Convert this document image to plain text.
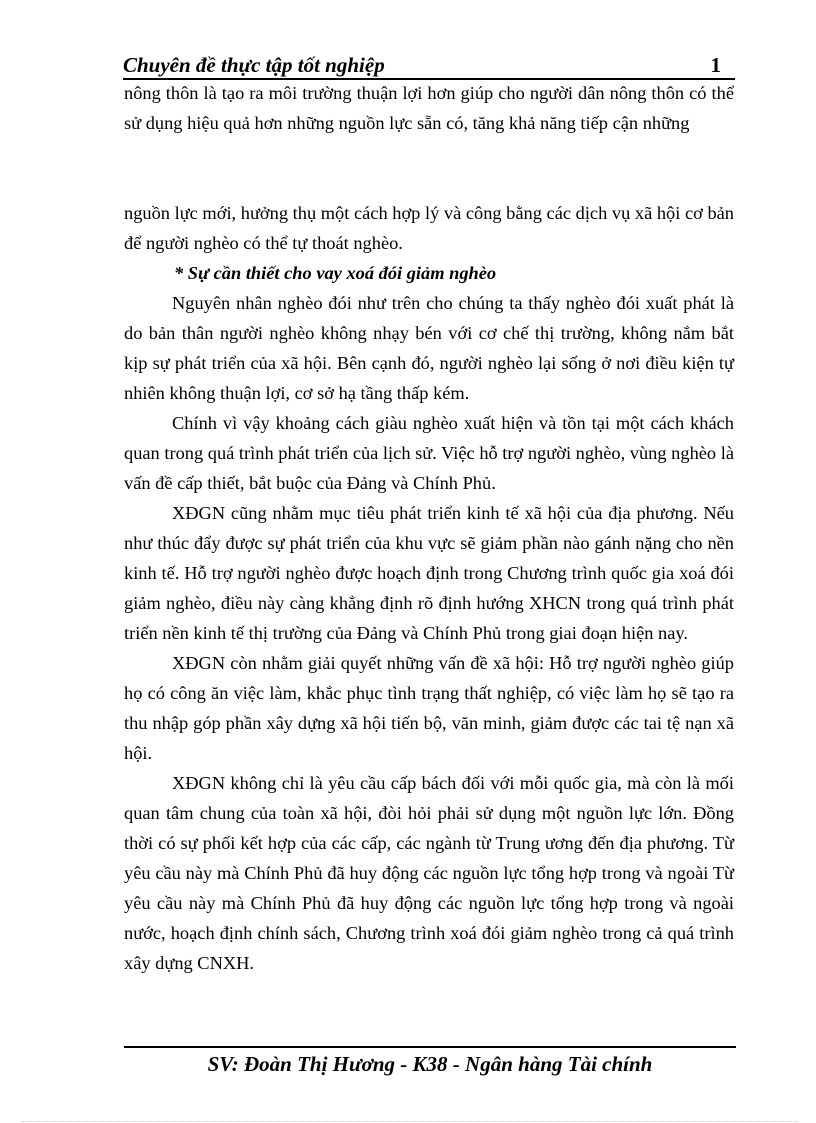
Chuyên đề thực tập tốt nghiệp	1

nông thôn là tạo ra môi trường thuận lợi hơn giúp cho người dân nông thôn có thể sử dụng hiệu quả hơn những nguồn lực sẵn có, tăng khả năng tiếp cận những

nguồn lực mới, hưởng thụ một cách hợp lý và công bằng các dịch vụ xã hội cơ bản để người nghèo có thể tự thoát nghèo.

* Sự cần thiết cho vay xoá đói giảm nghèo

Nguyên nhân nghèo đói như trên cho chúng ta thấy nghèo đói xuất phát là do bản thân người nghèo không nhạy bén với cơ chế thị trường, không nắm bắt kịp sự phát triển của xã hội. Bên cạnh đó, người nghèo lại sống ở nơi điều kiện tự nhiên không thuận lợi, cơ sở hạ tầng thấp kém.

Chính vì vậy khoảng cách giàu nghèo xuất hiện và tồn tại một cách khách quan trong quá trình phát triển của lịch sử. Việc hỗ trợ người nghèo, vùng nghèo là vấn đề cấp thiết, bắt buộc của Đảng và Chính Phủ.

XĐGN cũng nhằm mục tiêu phát triển kinh tế xã hội của địa phương. Nếu như thúc đẩy được sự phát triển của khu vực sẽ giảm phần nào gánh nặng cho nền kinh tế. Hỗ trợ người nghèo được hoạch định trong Chương trình quốc gia xoá đói giảm nghèo, điều này càng khẳng định rõ định hướng XHCN trong quá trình phát triển nền kinh tế thị trường của Đảng và Chính Phủ trong giai đoạn hiện nay.

XĐGN còn nhằm giải quyết những vấn đề xã hội: Hỗ trợ người nghèo giúp họ có công ăn việc làm, khắc phục tình trạng thất nghiệp, có việc làm họ sẽ tạo ra thu nhập góp phần xây dựng xã hội tiến bộ, văn minh, giảm được các tai tệ nạn xã hội.

XĐGN không chỉ là yêu cầu cấp bách đối với mỗi quốc gia, mà còn là mối quan tâm chung của toàn xã hội, đòi hỏi phải sử dụng một nguồn lực lớn. Đồng thời có sự phối kết hợp của các cấp, các ngành từ Trung ương đến địa phương. Từ yêu cầu này mà Chính Phủ đã huy động các nguồn lực tổng hợp trong và ngoài Từ yêu cầu này mà Chính Phủ đã huy động các nguồn lực tổng hợp trong và ngoài nước, hoạch định chính sách, Chương trình xoá đói giảm nghèo trong cả quá trình xây dựng CNXH.

SV: Đoàn Thị Hương - K38 - Ngân hàng Tài chính
